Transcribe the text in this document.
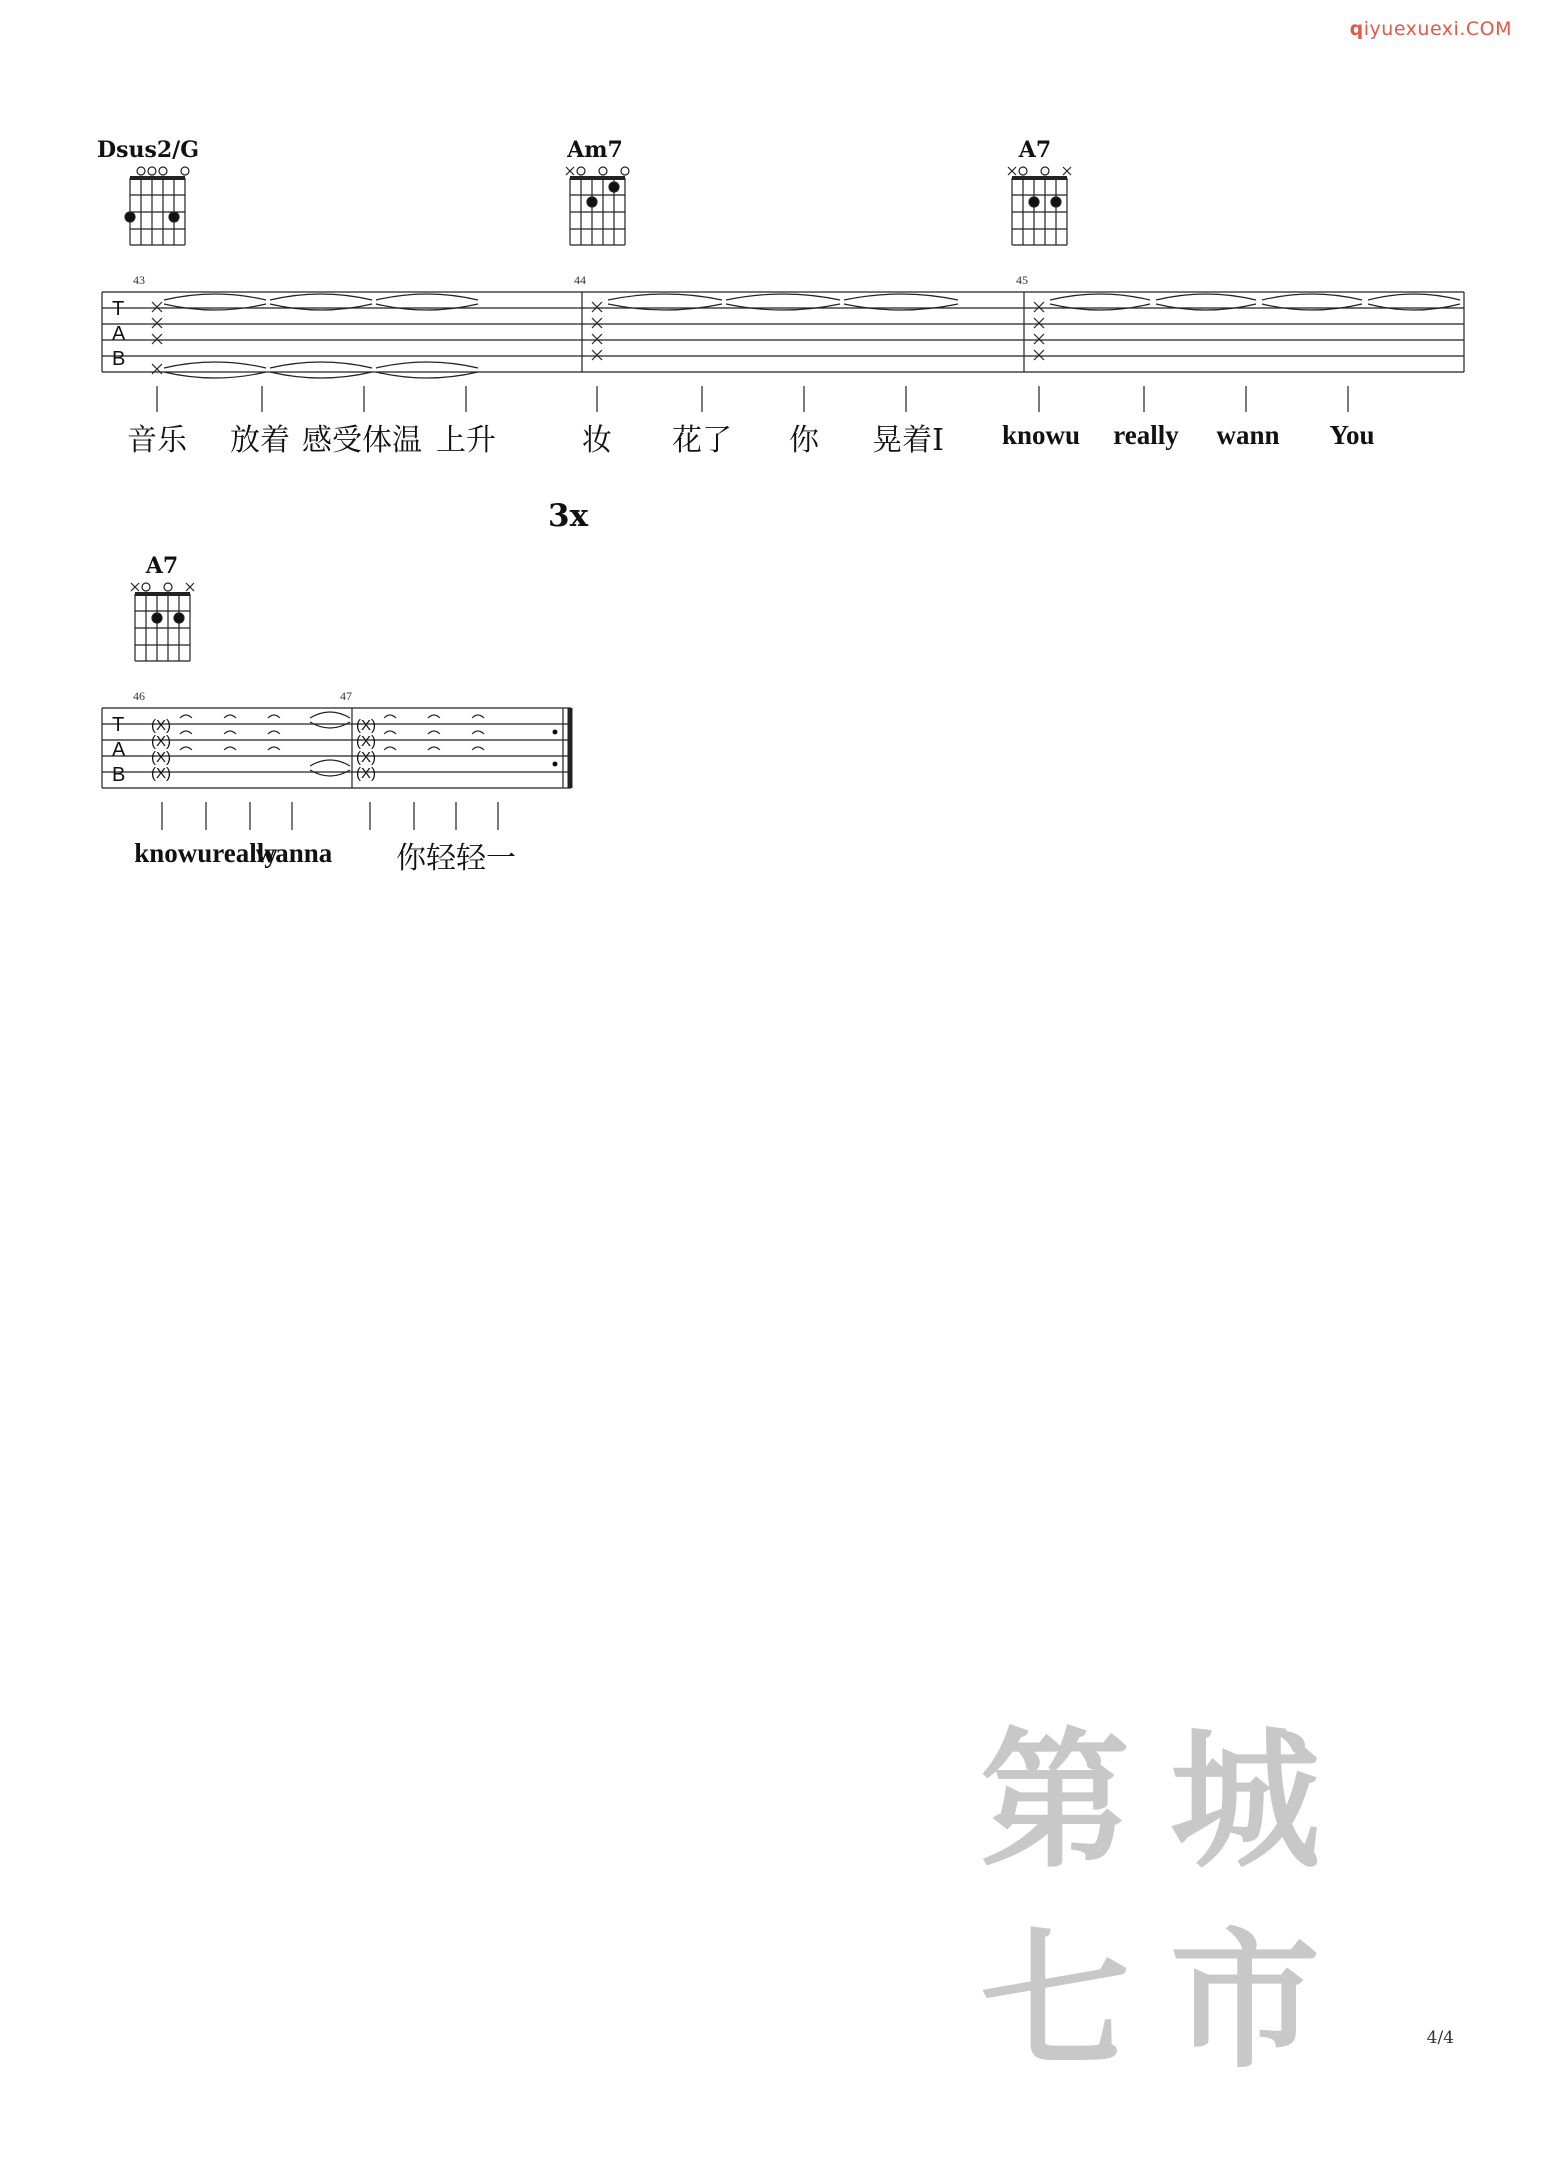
qiyuexuexi.COM
Dsus2/G	Am7	A7
A7
3x
T
A
B
43	44	45
(X)
(X)
(X)
(X)
(X)
(X)
(X)
(X)
T
A
B
46	47
音乐 放着 感受体温 上升	妆 花了 你 晃着I knowu really wann You
knowureally
wanna 你轻轻一
第 城
七 市	4/4
